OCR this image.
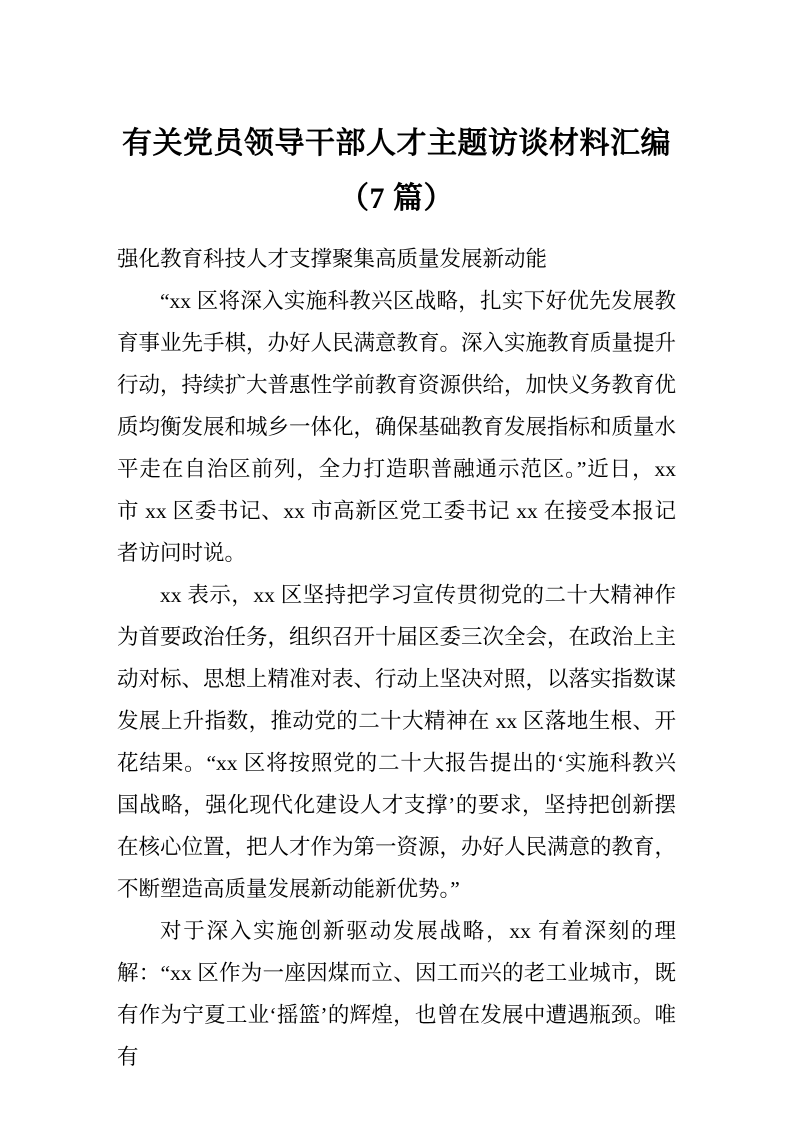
有关党员领导干部人才主题访谈材料汇编
（7 篇）

强化教育科技人才支撑聚集高质量发展新动能

“xx 区将深入实施科教兴区战略，扎实下好优先发展教育事业先手棋，办好人民满意教育。深入实施教育质量提升行动，持续扩大普惠性学前教育资源供给，加快义务教育优质均衡发展和城乡一体化，确保基础教育发展指标和质量水平走在自治区前列，全力打造职普融通示范区。”近日，xx 市 xx 区委书记、xx 市高新区党工委书记 xx 在接受本报记者访问时说。

xx 表示，xx 区坚持把学习宣传贯彻党的二十大精神作为首要政治任务，组织召开十届区委三次全会，在政治上主动对标、思想上精准对表、行动上坚决对照，以落实指数谋发展上升指数，推动党的二十大精神在 xx 区落地生根、开花结果。“xx 区将按照党的二十大报告提出的‘实施科教兴国战略，强化现代化建设人才支撑’的要求，坚持把创新摆在核心位置，把人才作为第一资源，办好人民满意的教育，不断塑造高质量发展新动能新优势。”

对于深入实施创新驱动发展战略，xx 有着深刻的理解：“xx 区作为一座因煤而立、因工而兴的老工业城市，既有作为宁夏工业‘摇篮’的辉煌，也曾在发展中遭遇瓶颈。唯有
